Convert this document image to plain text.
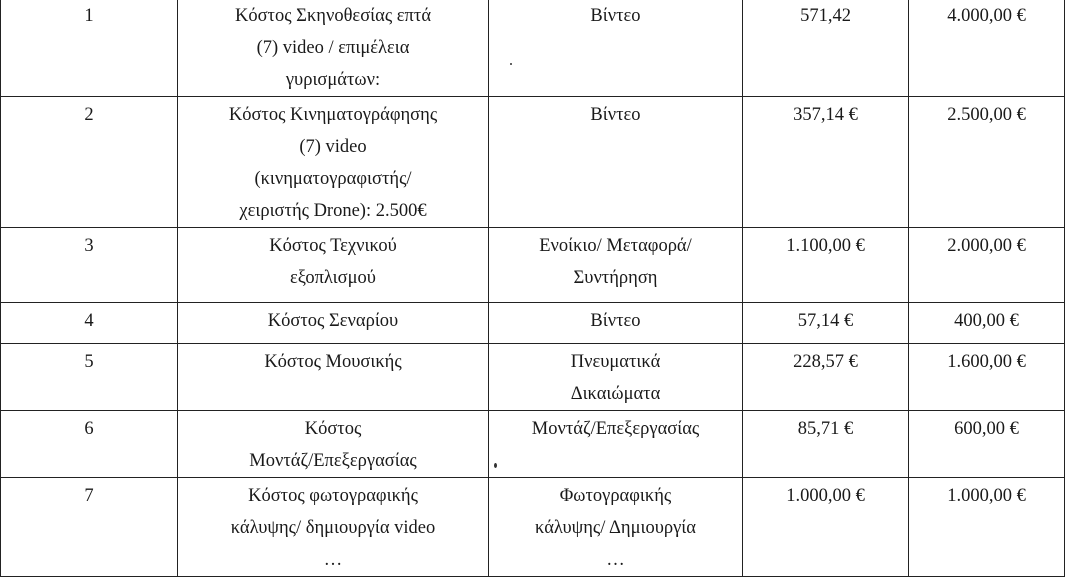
1	Κόστος Σκηνοθεσίας επτά
(7) video / επιμέλεια
γυρισμάτων:	Βίντεο	571,42	4.000,00 €

2	Κόστος Κινηματογράφησης
(7) video
(κινηματογραφιστής/
χειριστής Drone): 2.500€	Βίντεο	357,14 €	2.500,00 €

3	Κόστος Τεχνικού
εξοπλισμού	Ενοίκιο/ Μεταφορά/
Συντήρηση	1.100,00 €	2.000,00 €

4	Κόστος Σεναρίου	Βίντεο	57,14 €	400,00 €

5	Κόστος Μουσικής	Πνευματικά
Δικαιώματα	228,57 €	1.600,00 €

6	Κόστος
Μοντάζ/Επεξεργασίας	Μοντάζ/Επεξεργασίας	85,71 €	600,00 €

7	Κόστος φωτογραφικής
κάλυψης/ δημιουργία video
…	Φωτογραφικής
κάλυψης/ Δημιουργία
…	1.000,00 €	1.000,00 €
